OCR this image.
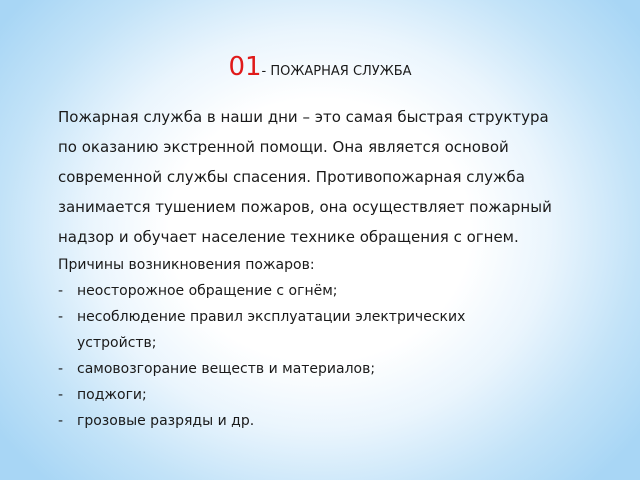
01- ПОЖАРНАЯ СЛУЖБА

Пожарная служба в наши дни – это самая быстрая структура
по оказанию экстренной помощи. Она является основой
современной службы спасения. Противопожарная служба
занимается тушением пожаров, она осуществляет пожарный
надзор и обучает население технике обращения с огнем.

Причины возникновения пожаров:
- неосторожное обращение с огнём;
- несоблюдение правил эксплуатации электрических
устройств;
- самовозгорание веществ и материалов;
- поджоги;
- грозовые разряды и др.
